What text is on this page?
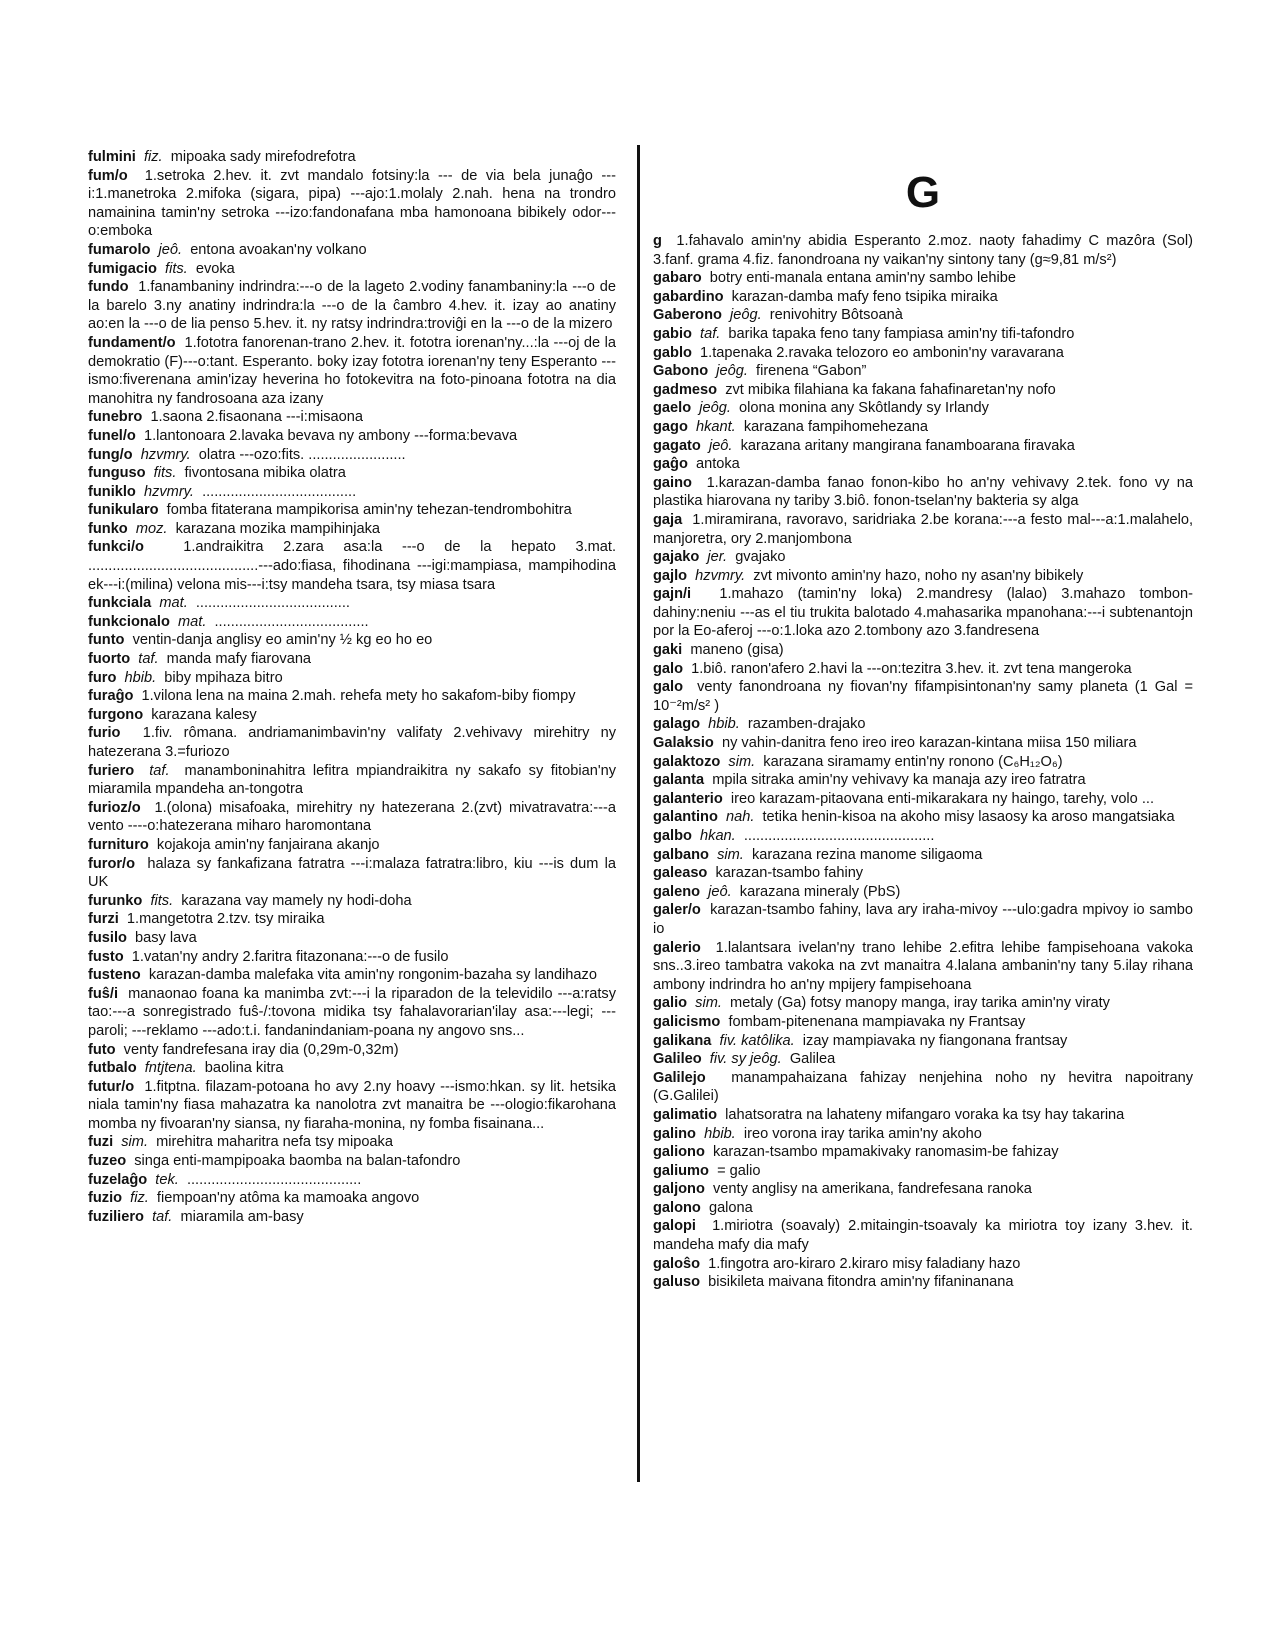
fulmini fiz. mipoaka sady mirefodrefotra

fum/o 1.setroka 2.hev. it. zvt mandalo fotsiny:la --- de via bela junaĝo ---i:1.manetroka 2.mifoka (sigara, pipa) ---ajo:1.molaly 2.nah. hena na trondro namainina tamin'ny setroka ---izo:fandonafana mba hamonoana bibikely odor---o:emboka

fumarolo jeô. entona avoakan'ny volkano

fumigacio fits. evoka

fundo 1.fanambaniny indrindra:---o de la lageto 2.vodiny fanambaniny:la ---o de la barelo 3.ny anatiny indrindra:la ---o de la ĉambro 4.hev. it. izay ao anatiny ao:en la ---o de lia penso 5.hev. it. ny ratsy indrindra:troviĝi en la ---o de la mizero

fundament/o 1.fototra fanorenan-trano 2.hev. it. fototra iorenan'ny...:la ---oj de la demokratio (F)---o:tant. Esperanto. boky izay fototra iorenan'ny teny Esperanto ---ismo:fiverenana amin'izay heverina ho fotokevitra na foto-pinoana fototra na dia manohitra ny fandrosoana aza izany

funebro 1.saona 2.fisaonana ---i:misaona

funel/o 1.lantonoara 2.lavaka bevava ny ambony ---forma:bevava

fung/o hzvmry. olatra ---ozo:fits. ........................

funguso fits. fivontosana mibika olatra

funiklo hzvmry. ......................................

funikularo fomba fitaterana mampikorisa amin'ny tehezan-tendrombohitra

funko moz. karazana mozika mampihinjaka

funkci/o	1.andraikitra 2.zara asa:la ---o de la hepato 3.mat. ..........................................---ado:fiasa, fihodinana ---igi:mampiasa, mampihodina ek---i:(milina) velona mis---i:tsy mandeha tsara, tsy miasa tsara

funkciala mat. ......................................

funkcionalo mat. ......................................

funto ventin-danja anglisy eo amin'ny ½ kg eo ho eo

fuorto taf. manda mafy fiarovana

furo hbib. biby mpihaza bitro

furaĝo 1.vilona lena na maina 2.mah. rehefa mety ho sakafom-biby fiompy

furgono karazana kalesy

furio 1.fiv. rômana. andriamanimbavin'ny valifaty 2.vehivavy mirehitry ny hatezerana 3.=furiozo

furiero taf. manamboninahitra lefitra mpiandraikitra ny sakafo sy fitobian'ny miaramila mpandeha an-tongotra

furioz/o 1.(olona) misafoaka, mirehitry ny hatezerana 2.(zvt) mivatravatra:---a vento ----o:hatezerana miharo haromontana

furnituro kojakoja amin'ny fanjairana akanjo

furor/o halaza sy fankafizana fatratra ---i:malaza fatratra:libro, kiu ---is dum la UK

furunko fits. karazana vay mamely ny hodi-doha

furzi 1.mangetotra 2.tzv. tsy miraika

fusilo basy lava

fusto 1.vatan'ny andry 2.faritra fitazonana:---o de fusilo

fusteno karazan-damba malefaka vita amin'ny rongonim-bazaha sy landihazo

fuŝ/i manaonao foana ka manimba zvt:---i la riparadon de la televidilo ---a:ratsy tao:---a sonregistrado fuŝ-/:tovona midika tsy fahalavorarian'ilay asa:---legi; ---paroli; ---reklamo ---ado:t.i. fandanindaniam-poana ny angovo sns...

futo venty fandrefesana iray dia (0,29m-0,32m)

futbalo fntjtena. baolina kitra

futur/o 1.fitptna. filazam-potoana ho avy 2.ny hoavy ---ismo:hkan. sy lit. hetsika niala tamin'ny fiasa mahazatra ka nanolotra zvt manaitra be ---ologio:fikarohana momba ny fivoaran'ny siansa, ny fiaraha-monina, ny fomba fisainana...

fuzi sim. mirehitra maharitra nefa tsy mipoaka

fuzeo singa enti-mampipoaka baomba na balan-tafondro

fuzelaĝo tek. ...........................................

fuzio fiz. fiempoan'ny atôma ka mamoaka angovo

fuziliero taf. miaramila am-basy

G

g 1.fahavalo amin'ny abidia Esperanto 2.moz. naoty fahadimy C mazôra (Sol) 3.fanf. grama 4.fiz. fanondroana ny vaikan'ny sintony tany (g≈9,81 m/s²)

gabaro botry enti-manala entana amin'ny sambo lehibe

gabardino karazan-damba mafy feno tsipika miraika

Gaberono jeôg. renivohitry Bôtsoanà

gabio taf. barika tapaka feno tany fampiasa amin'ny tifi-tafondro

gablo 1.tapenaka 2.ravaka telozoro eo ambonin'ny varavarana

Gabono jeôg. firenena “Gabon”

gadmeso zvt mibika filahiana ka fakana fahafinaretan'ny nofo

gaelo jeôg. olona monina any Skôtlandy sy Irlandy

gago hkant. karazana fampihomehezana

gagato jeô. karazana aritany mangirana fanamboarana firavaka

gaĝo antoka

gaino 1.karazan-damba fanao fonon-kibo ho an'ny vehivavy 2.tek. fono vy na plastika hiarovana ny tariby 3.biô. fonon-tselan'ny bakteria sy alga

gaja 1.miramirana, ravoravo, saridriaka 2.be korana:---a festo mal---a:1.malahelo, manjoretra, ory 2.manjombona

gajako jer. gvajako

gajlo hzvmry. zvt mivonto amin'ny hazo, noho ny asan'ny bibikely

gajn/i 1.mahazo (tamin'ny loka) 2.mandresy (lalao) 3.mahazo tombon-dahiny:neniu ---as el tiu trukita balotado 4.mahasarika mpanohana:---i subtenantojn por la Eo-aferoj ---o:1.loka azo 2.tombony azo 3.fandresena

gaki maneno (gisa)

galo 1.biô. ranon'afero 2.havi la ---on:tezitra 3.hev. it. zvt tena mangeroka

galo venty fanondroana ny fiovan'ny fifampisintonan'ny samy planeta (1 Gal = 10⁻²m/s² )

galago hbib. razamben-drajako

Galaksio ny vahin-danitra feno ireo ireo karazan-kintana miisa 150 miliara

galaktozo sim. karazana siramamy entin'ny ronono (C₆H₁₂O₆)

galanta mpila sitraka amin'ny vehivavy ka manaja azy ireo fatratra

galanterio ireo karazam-pitaovana enti-mikarakara ny haingo, tarehy, volo ...

galantino nah. tetika henin-kisoa na akoho misy lasaosy ka aroso mangatsiaka

galbo hkan. ...............................................

galbano sim. karazana rezina manome siligaoma

galeaso karazan-tsambo fahiny

galeno jeô. karazana mineraly (PbS)

galer/o karazan-tsambo fahiny, lava ary iraha-mivoy ---ulo:gadra mpivoy io sambo io

galerio 1.lalantsara ivelan'ny trano lehibe 2.efitra lehibe fampisehoana vakoka sns..3.ireo tambatra vakoka na zvt manaitra 4.lalana ambanin'ny tany 5.ilay rihana ambony indrindra ho an'ny mpijery fampisehoana

galio sim. metaly (Ga) fotsy manopy manga, iray tarika amin'ny viraty

galicismo fombam-pitenenana mampiavaka ny Frantsay

galikana fiv. katôlika. izay mampiavaka ny fiangonana frantsay

Galileo fiv. sy jeôg. Galilea

Galilejo manampahaizana fahizay nenjehina noho ny hevitra napoitrany (G.Galilei)

galimatio lahatsoratra na lahateny mifangaro voraka ka tsy hay takarina

galino hbib. ireo vorona iray tarika amin'ny akoho

galiono karazan-tsambo mpamakivaky ranomasim-be fahizay

galiumo = galio

galjono venty anglisy na amerikana, fandrefesana ranoka

galono galona

galopi 1.miriotra (soavaly) 2.mitaingin-tsoavaly ka miriotra toy izany 3.hev. it. mandeha mafy dia mafy

galoŝo 1.fingotra aro-kiraro 2.kiraro misy faladiany hazo

galuso bisikileta maivana fitondra amin'ny fifaninanana
